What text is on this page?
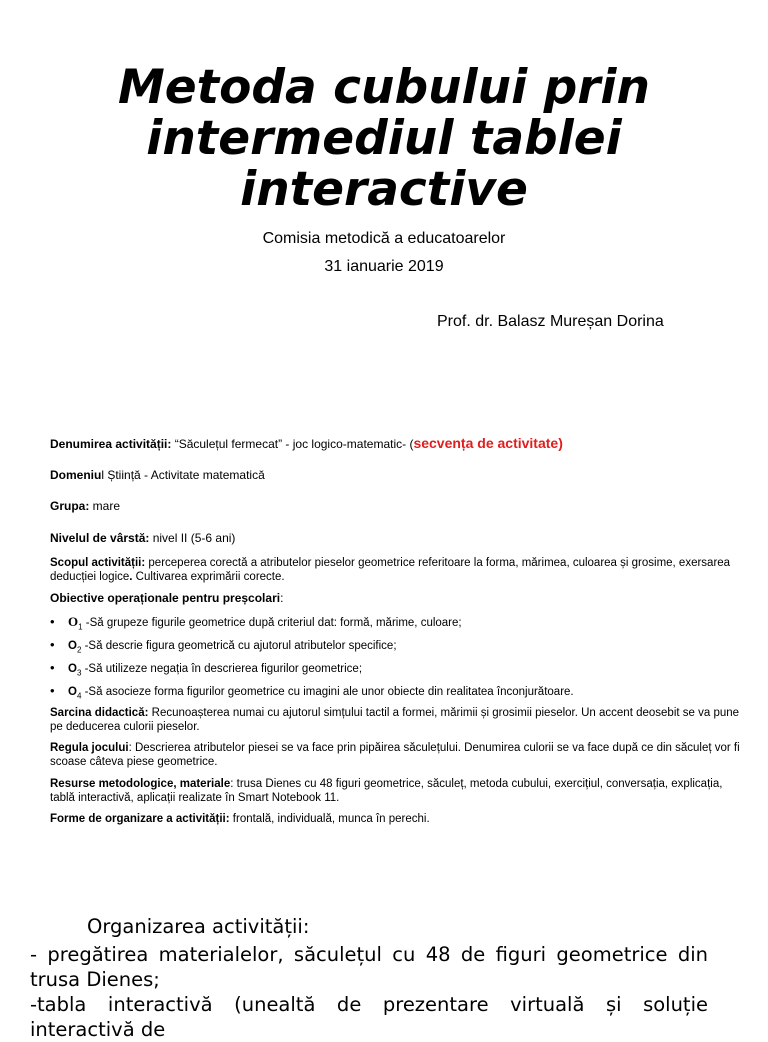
Metoda cubului prin
intermediul tablei
interactive
Comisia metodică a educatoarelor
31 ianuarie 2019
Prof. dr. Balasz Mureșan Dorina
Denumirea activității: “Săculețul fermecat” - joc logico-matematic- (secvența de activitate)
Domeniul Știință - Activitate matematică
Grupa: mare
Nivelul de vârstă: nivel II (5-6 ani)
Scopul activității: perceperea corectă a atributelor pieselor geometrice referitoare la forma, mărimea, culoarea și grosime, exersarea deducției logice. Cultivarea exprimării corecte.
Obiective operaționale pentru preșcolari:
• $O_1$ -Să grupeze figurile geometrice după criteriul dat: formă, mărime, culoare;
• $O_2$ -Să descrie figura geometrică cu ajutorul atributelor specifice;
• $O_3$ -Să utilizeze negația în descrierea figurilor geometrice;
• $O_4$ -Să asocieze forma figurilor geometrice cu imagini ale unor obiecte din realitatea înconjurătoare.
Sarcina didactică: Recunoașterea numai cu ajutorul simțului tactil a formei, mărimii și grosimii pieselor. Un accent deosebit se va pune pe deducerea culorii pieselor.
Regula jocului: Descrierea atributelor piesei se va face prin pipăirea săculețului. Denumirea culorii se va face după ce din săculeț vor fi scoase câteva piese geometrice.
Resurse metodologice, materiale: trusa Dienes cu 48 figuri geometrice, săculeț, metoda cubului, exercițiul, conversația, explicația, tablă interactivă, aplicații realizate în Smart Notebook 11.
Forme de organizare a activității: frontală, individuală, munca în perechi.
Organizarea activității:
- pregătirea materialelor, săculețul cu 48 de figuri geometrice din trusa Dienes;
-tabla interactivă (unealtă de prezentare virtuală și soluție interactivă de
